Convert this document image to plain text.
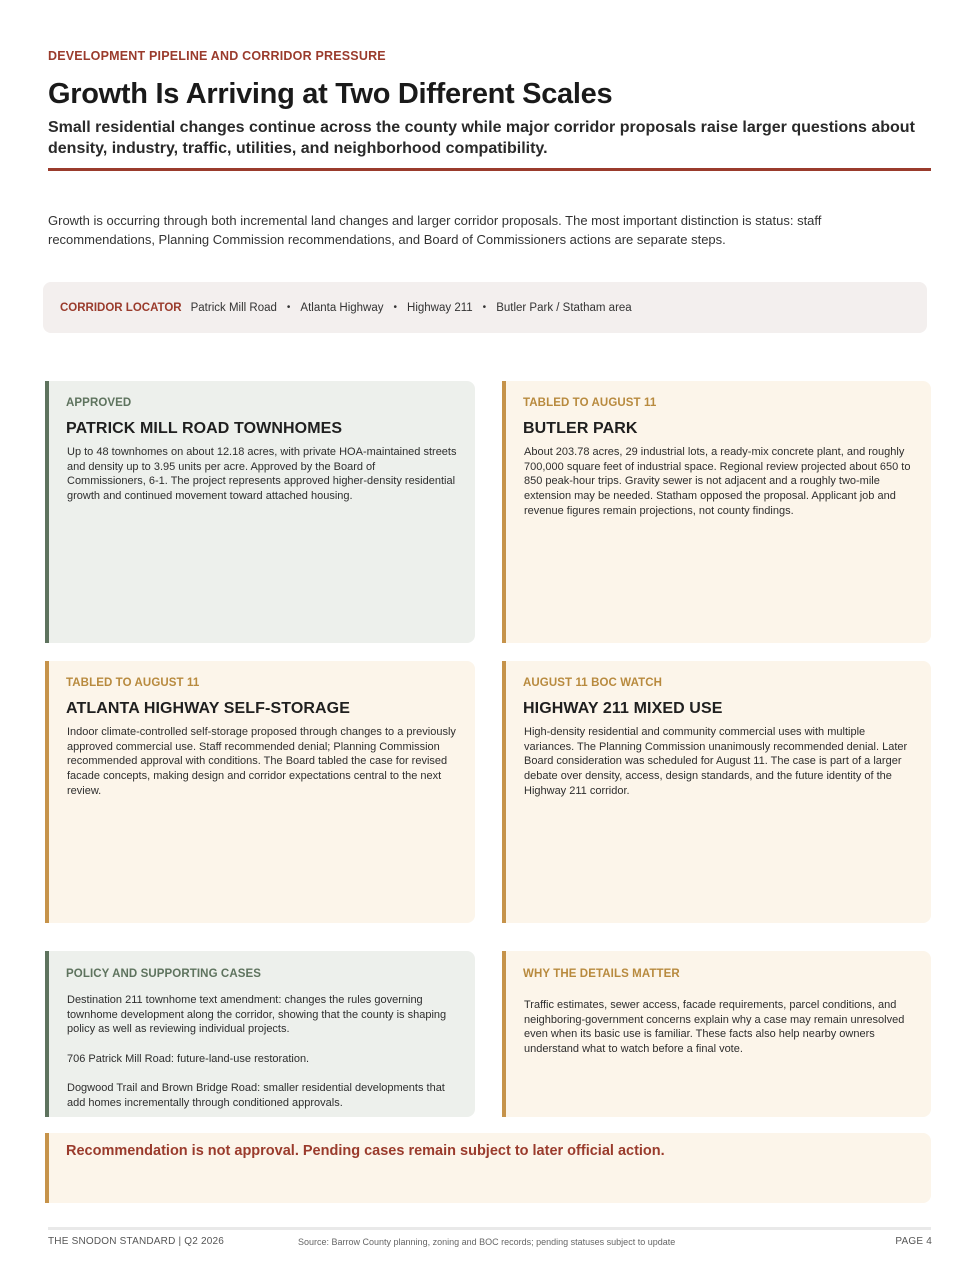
DEVELOPMENT PIPELINE AND CORRIDOR PRESSURE
Growth Is Arriving at Two Different Scales
Small residential changes continue across the county while major corridor proposals raise larger questions about density, industry, traffic, utilities, and neighborhood compatibility.

Growth is occurring through both incremental land changes and larger corridor proposals. The most important distinction is status: staff recommendations, Planning Commission recommendations, and Board of Commissioners actions are separate steps.

CORRIDOR LOCATOR Patrick Mill Road • Atlanta Highway • Highway 211 • Butler Park / Statham area
APPROVED
PATRICK MILL ROAD TOWNHOMES
Up to 48 townhomes on about 12.18 acres, with private HOA-maintained streets and density up to 3.95 units per acre. Approved by the Board of Commissioners, 6-1. The project represents approved higher-density residential growth and continued movement toward attached housing.
TABLED TO AUGUST 11
BUTLER PARK
About 203.78 acres, 29 industrial lots, a ready-mix concrete plant, and roughly 700,000 square feet of industrial space. Regional review projected about 650 to 850 peak-hour trips. Gravity sewer is not adjacent and a roughly two-mile extension may be needed. Statham opposed the proposal. Applicant job and revenue figures remain projections, not county findings.
TABLED TO AUGUST 11
ATLANTA HIGHWAY SELF-STORAGE
Indoor climate-controlled self-storage proposed through changes to a previously approved commercial use. Staff recommended denial; Planning Commission recommended approval with conditions. The Board tabled the case for revised facade concepts, making design and corridor expectations central to the next review.
AUGUST 11 BOC WATCH
HIGHWAY 211 MIXED USE
High-density residential and community commercial uses with multiple variances. The Planning Commission unanimously recommended denial. Later Board consideration was scheduled for August 11. The case is part of a larger debate over density, access, design standards, and the future identity of the Highway 211 corridor.
POLICY AND SUPPORTING CASES

Destination 211 townhome text amendment: changes the rules governing townhome development along the corridor, showing that the county is shaping policy as well as reviewing individual projects.

706 Patrick Mill Road: future-land-use restoration.

Dogwood Trail and Brown Bridge Road: smaller residential developments that add homes incrementally through conditioned approvals.

WHY THE DETAILS MATTER
Traffic estimates, sewer access, facade requirements, parcel conditions, and neighboring-government concerns explain why a case may remain unresolved even when its basic use is familiar. These facts also help nearby owners understand what to watch before a final vote.
Recommendation is not approval. Pending cases remain subject to later official action.
THE SNODON STANDARD | Q2 2026	Source: Barrow County planning, zoning and BOC records; pending statuses subject to update	PAGE 4
